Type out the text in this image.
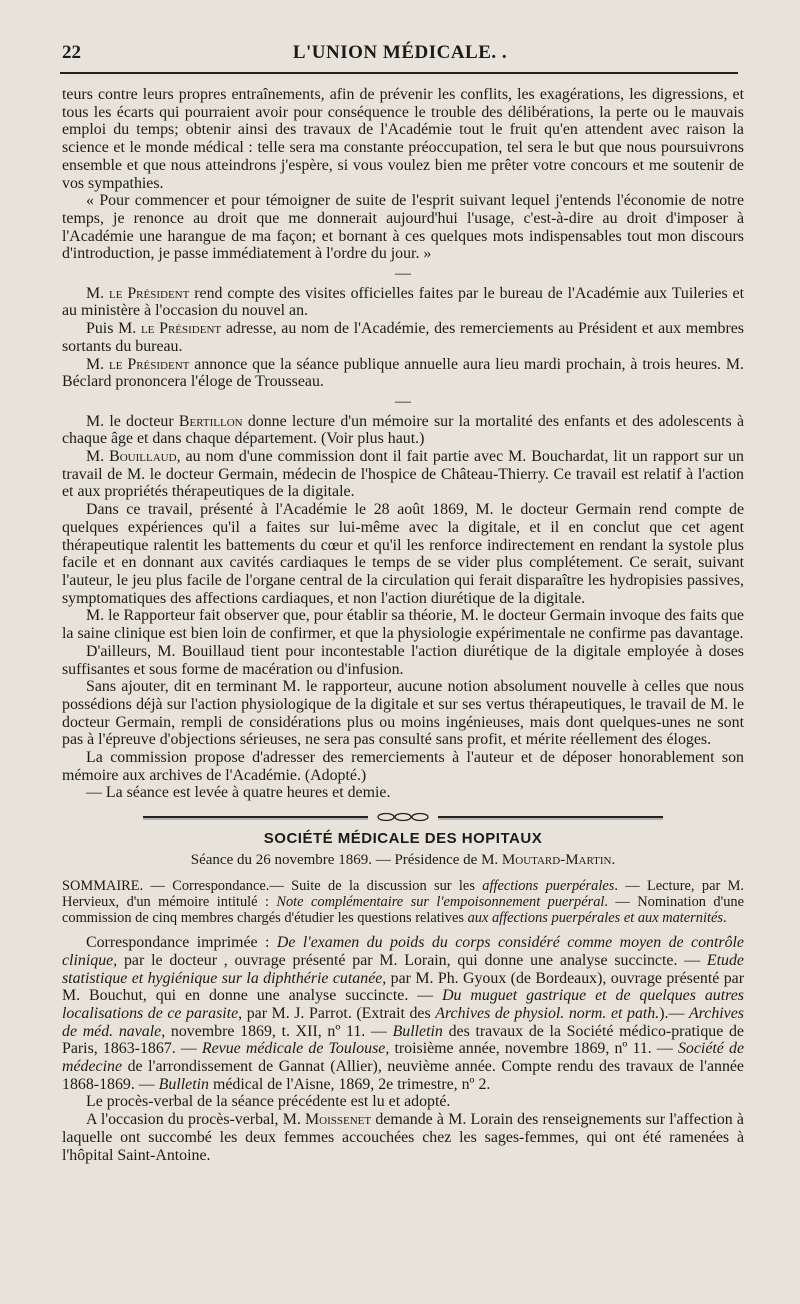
22	L'UNION MÉDICALE. .

teurs contre leurs propres entraînements, afin de prévenir les conflits, les exagérations, les digressions, et tous les écarts qui pourraient avoir pour conséquence le trouble des délibérations, la perte ou le mauvais emploi du temps; obtenir ainsi des travaux de l'Académie tout le fruit qu'en attendent avec raison la science et le monde médical : telle sera ma constante préoccupation, tel sera le but que nous poursuivrons ensemble et que nous atteindrons j'espère, si vous voulez bien me prêter votre concours et me soutenir de vos sympathies.

« Pour commencer et pour témoigner de suite de l'esprit suivant lequel j'entends l'économie de notre temps, je renonce au droit que me donnerait aujourd'hui l'usage, c'est-à-dire au droit d'imposer à l'Académie une harangue de ma façon; et bornant à ces quelques mots indispensables tout mon discours d'introduction, je passe immédiatement à l'ordre du jour. »

—

M. le Président rend compte des visites officielles faites par le bureau de l'Académie aux Tuileries et au ministère à l'occasion du nouvel an.

Puis M. le Président adresse, au nom de l'Académie, des remerciements au Président et aux membres sortants du bureau.

M. le Président annonce que la séance publique annuelle aura lieu mardi prochain, à trois heures. M. Béclard prononcera l'éloge de Trousseau.

—

M. le docteur Bertillon donne lecture d'un mémoire sur la mortalité des enfants et des adolescents à chaque âge et dans chaque département. (Voir plus haut.)

M. Bouillaud, au nom d'une commission dont il fait partie avec M. Bouchardat, lit un rapport sur un travail de M. le docteur Germain, médecin de l'hospice de Château-Thierry. Ce travail est relatif à l'action et aux propriétés thérapeutiques de la digitale.

Dans ce travail, présenté à l'Académie le 28 août 1869, M. le docteur Germain rend compte de quelques expériences qu'il a faites sur lui-même avec la digitale, et il en conclut que cet agent thérapeutique ralentit les battements du cœur et qu'il les renforce indirectement en rendant la systole plus facile et en donnant aux cavités cardiaques le temps de se vider plus complétement. Ce serait, suivant l'auteur, le jeu plus facile de l'organe central de la circulation qui ferait disparaître les hydropisies passives, symptomatiques des affections cardiaques, et non l'action diurétique de la digitale.

M. le Rapporteur fait observer que, pour établir sa théorie, M. le docteur Germain invoque des faits que la saine clinique est bien loin de confirmer, et que la physiologie expérimentale ne confirme pas davantage.

D'ailleurs, M. Bouillaud tient pour incontestable l'action diurétique de la digitale employée à doses suffisantes et sous forme de macération ou d'infusion.

Sans ajouter, dit en terminant M. le rapporteur, aucune notion absolument nouvelle à celles que nous possédions déjà sur l'action physiologique de la digitale et sur ses vertus thérapeutiques, le travail de M. le docteur Germain, rempli de considérations plus ou moins ingénieuses, mais dont quelques-unes ne sont pas à l'épreuve d'objections sérieuses, ne sera pas consulté sans profit, et mérite réellement des éloges.

La commission propose d'adresser des remerciements à l'auteur et de déposer honorablement son mémoire aux archives de l'Académie. (Adopté.)

— La séance est levée à quatre heures et demie.

SOCIÉTÉ MÉDICALE DES HOPITAUX

Séance du 26 novembre 1869. — Présidence de M. Moutard-Martin.

SOMMAIRE. — Correspondance.— Suite de la discussion sur les affections puerpérales. — Lecture, par M. Hervieux, d'un mémoire intitulé : Note complémentaire sur l'empoisonnement puerpéral. — Nomination d'une commission de cinq membres chargés d'étudier les questions relatives aux affections puerpérales et aux maternités.

Correspondance imprimée : De l'examen du poids du corps considéré comme moyen de contrôle clinique, par le docteur , ouvrage présenté par M. Lorain, qui donne une analyse succincte. — Etude statistique et hygiénique sur la diphthérie cutanée, par M. Ph. Gyoux (de Bordeaux), ouvrage présenté par M. Bouchut, qui en donne une analyse succincte. — Du muguet gastrique et de quelques autres localisations de ce parasite, par M. J. Parrot. (Extrait des Archives de physiol. norm. et path.).— Archives de méd. navale, novembre 1869, t. XII, nº 11. — Bulletin des travaux de la Société médico-pratique de Paris, 1863-1867. — Revue médicale de Toulouse, troisième année, novembre 1869, nº 11. — Société de médecine de l'arrondissement de Gannat (Allier), neuvième année. Compte rendu des travaux de l'année 1868-1869. — Bulletin médical de l'Aisne, 1869, 2e trimestre, nº 2.

Le procès-verbal de la séance précédente est lu et adopté.

A l'occasion du procès-verbal, M. Moissenet demande à M. Lorain des renseignements sur l'affection à laquelle ont succombé les deux femmes accouchées chez les sages-femmes, qui ont été ramenées à l'hôpital Saint-Antoine.
